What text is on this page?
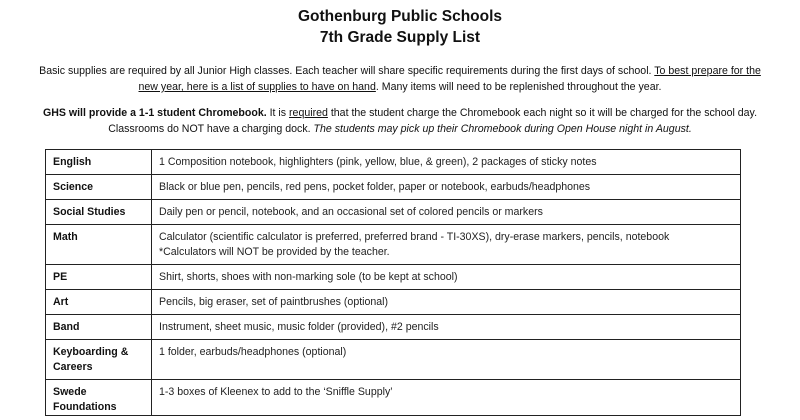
Gothenburg Public Schools
7th Grade Supply List

Basic supplies are required by all Junior High classes. Each teacher will share specific requirements during the first days of school. To best prepare for the new year, here is a list of supplies to have on hand. Many items will need to be replenished throughout the year.

GHS will provide a 1-1 student Chromebook. It is required that the student charge the Chromebook each night so it will be charged for the school day. Classrooms do NOT have a charging dock. The students may pick up their Chromebook during Open House night in August.

English	1 Composition notebook, highlighters (pink, yellow, blue, & green), 2 packages of sticky notes
Science	Black or blue pen, pencils, red pens, pocket folder, paper or notebook, earbuds/headphones
Social Studies	Daily pen or pencil, notebook, and an occasional set of colored pencils or markers
Math	Calculator (scientific calculator is preferred, preferred brand - TI-30XS), dry-erase markers, pencils, notebook
*Calculators will NOT be provided by the teacher.

PE	Shirt, shorts, shoes with non-marking sole (to be kept at school)
Art	Pencils, big eraser, set of paintbrushes (optional)
Band	Instrument, sheet music, music folder (provided), #2 pencils
Keyboarding & Careers	1 folder, earbuds/headphones (optional)
Swede Foundations	1-3 boxes of Kleenex to add to the ‘Sniffle Supply’
